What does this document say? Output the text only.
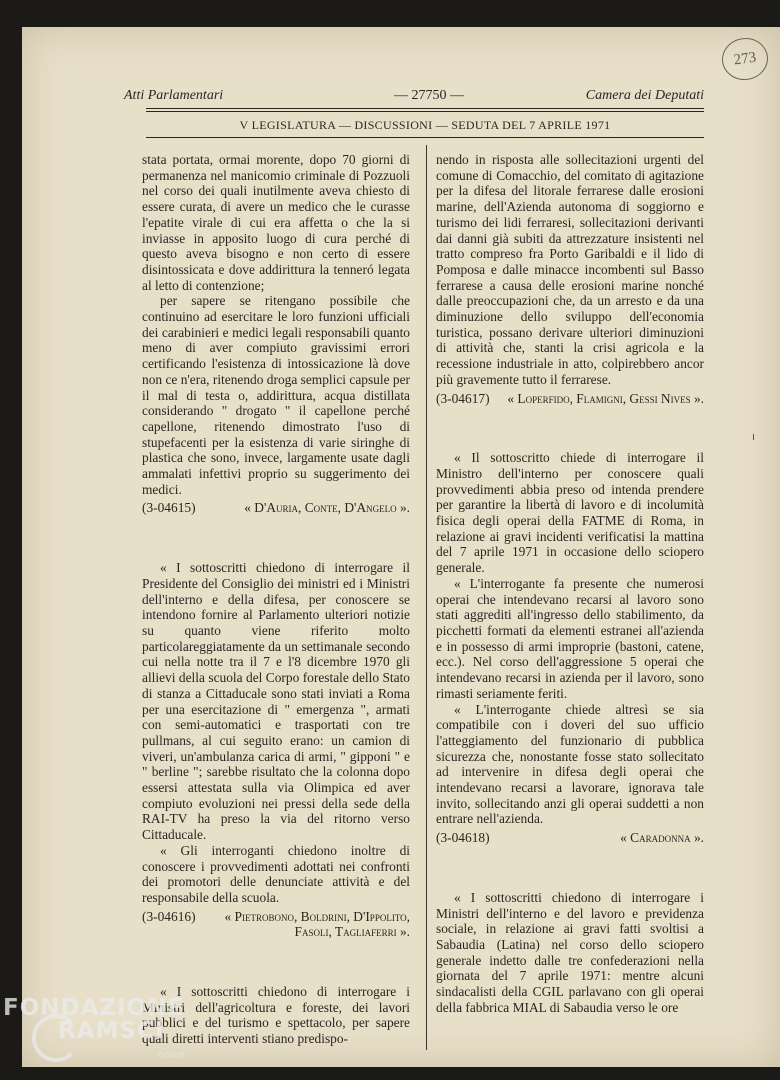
273
Atti Parlamentari	— 27750 —	Camera dei Deputati
V LEGISLATURA — DISCUSSIONI — SEDUTA DEL 7 APRILE 1971

stata portata, ormai morente, dopo 70 giorni di permanenza nel manicomio criminale di Pozzuoli nel corso dei quali inutilmente aveva chiesto di essere curata, di avere un medico che le curasse l'epatite virale di cui era affetta o che la si inviasse in apposito luogo di cura perché di questo aveva bisogno e non certo di essere disintossicata e dove addirittura la tenneró legata al letto di contenzione;

per sapere se ritengano possibile che continuino ad esercitare le loro funzioni ufficiali dei carabinieri e medici legali responsabili quanto meno di aver compiuto gravissimi errori certificando l'esistenza di intossicazione là dove non ce n'era, ritenendo droga semplici capsule per il mal di testa o, addirittura, acqua distillata considerando " drogato " il capellone perché capellone, ritenendo dimostrato l'uso di stupefacenti per la esistenza di varie siringhe di plastica che sono, invece, largamente usate dagli ammalati infettivi proprio su suggerimento dei medici.

(3-04615)	« D'Auria, Conte, D'Angelo ».

« I sottoscritti chiedono di interrogare il Presidente del Consiglio dei ministri ed i Ministri dell'interno e della difesa, per conoscere se intendono fornire al Parlamento ulteriori notizie su quanto viene riferito molto particolareggiatamente da un settimanale secondo cui nella notte tra il 7 e l'8 dicembre 1970 gli allievi della scuola del Corpo forestale dello Stato di stanza a Cittaducale sono stati inviati a Roma per una esercitazione di " emergenza ", armati con semi-automatici e trasportati con tre pullmans, al cui seguito erano: un camion di viveri, un'ambulanza carica di armi, " gipponi " e " berline "; sarebbe risultato che la colonna dopo essersi attestata sulla via Olimpica ed aver compiuto evoluzioni nei pressi della sede della RAI-TV ha preso la via del ritorno verso Cittaducale.

« Gli interroganti chiedono inoltre di conoscere i provvedimenti adottati nei confronti dei promotori delle denunciate attività e del responsabile della scuola.

(3-04616)	« Pietrobono, Boldrini, D'Ippolito, Fasoli, Tagliaferri ».

« I sottoscritti chiedono di interrogare i Ministri dell'agricoltura e foreste, dei lavori pubblici e del turismo e spettacolo, per sapere quali diretti interventi stiano predispo-

nendo in risposta alle sollecitazioni urgenti del comune di Comacchio, del comitato di agitazione per la difesa del litorale ferrarese dalle erosioni marine, dell'Azienda autonoma di soggiorno e turismo dei lidi ferraresi, sollecitazioni derivanti dai danni già subiti da attrezzature insistenti nel tratto compreso fra Porto Garibaldi e il lido di Pomposa e dalle minacce incombenti sul Basso ferrarese a causa delle erosioni marine nonché dalle preoccupazioni che, da un arresto e da una diminuzione dello sviluppo dell'economia turistica, possano derivare ulteriori diminuzioni di attività che, stanti la crisi agricola e la recessione industriale in atto, colpirebbero ancor più gravemente tutto il ferrarese.

(3-04617)	« Loperfido, Flamigni, Gessi Nives ».

« Il sottoscritto chiede di interrogare il Ministro dell'interno per conoscere quali provvedimenti abbia preso od intenda prendere per garantire la libertà di lavoro e di incolumità fisica degli operai della FATME di Roma, in relazione ai gravi incidenti verificatisi la mattina del 7 aprile 1971 in occasione dello sciopero generale.

« L'interrogante fa presente che numerosi operai che intendevano recarsi al lavoro sono stati aggrediti all'ingresso dello stabilimento, da picchetti formati da elementi estranei all'azienda e in possesso di armi improprie (bastoni, catene, ecc.). Nel corso dell'aggressione 5 operai che intendevano recarsi in azienda per il lavoro, sono rimasti seriamente feriti.

« L'interrogante chiede altresì se sia compatibile con i doveri del suo ufficio l'atteggiamento del funzionario di pubblica sicurezza che, nonostante fosse stato sollecitato ad intervenire in difesa degli operai che intendevano recarsi a lavorare, ignorava tale invito, sollecitando anzi gli operai suddetti a non entrare nell'azienda.

(3-04618)	« Caradonna ».

« I sottoscritti chiedono di interrogare i Ministri dell'interno e del lavoro e previdenza sociale, in relazione ai gravi fatti svoltisi a Sabaudia (Latina) nel corso dello sciopero generale indetto dalle tre confederazioni nella giornata del 7 aprile 1971: mentre alcuni sindacalisti della CGIL parlavano con gli operai della fabbrica MIAL di Sabaudia verso le ore

FONDAZIONE
RAMSCI
onlus
